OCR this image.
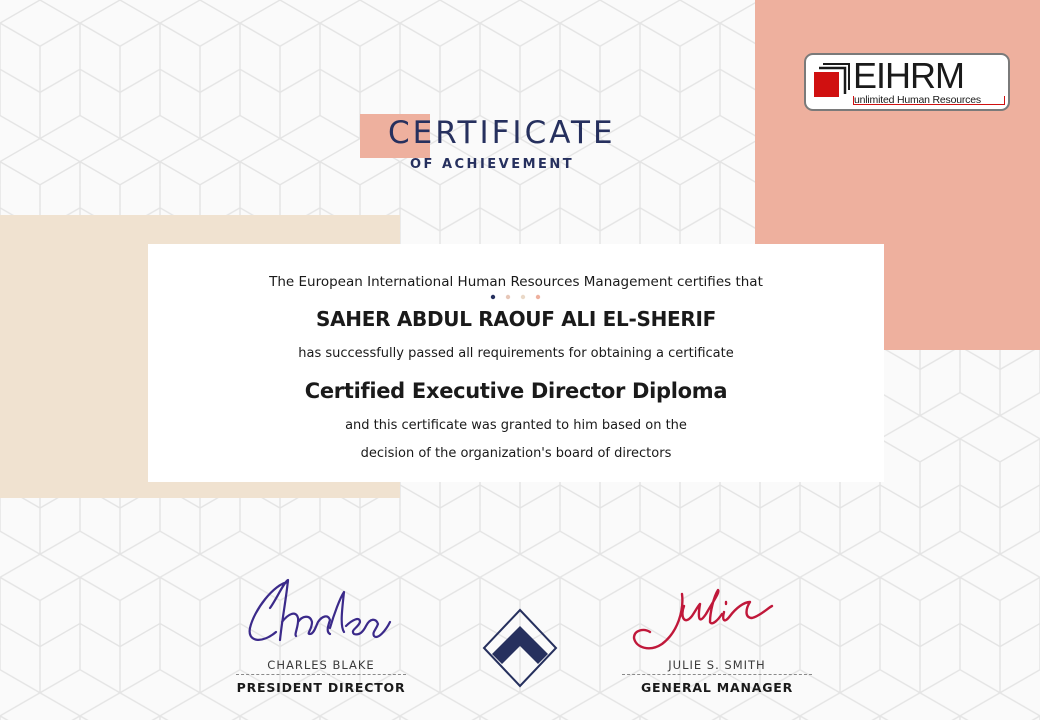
EIHRM
unlimited Human Resources
CERTIFICATE
OF ACHIEVEMENT
The European International Human Resources Management certifies that
SAHER ABDUL RAOUF ALI EL-SHERIF
has successfully passed all requirements for obtaining a certificate
Certified Executive Director Diploma
and this certificate was granted to him based on the
decision of the organization's board of directors
CHARLES BLAKE
PRESIDENT DIRECTOR
JULIE S. SMITH
GENERAL MANAGER
